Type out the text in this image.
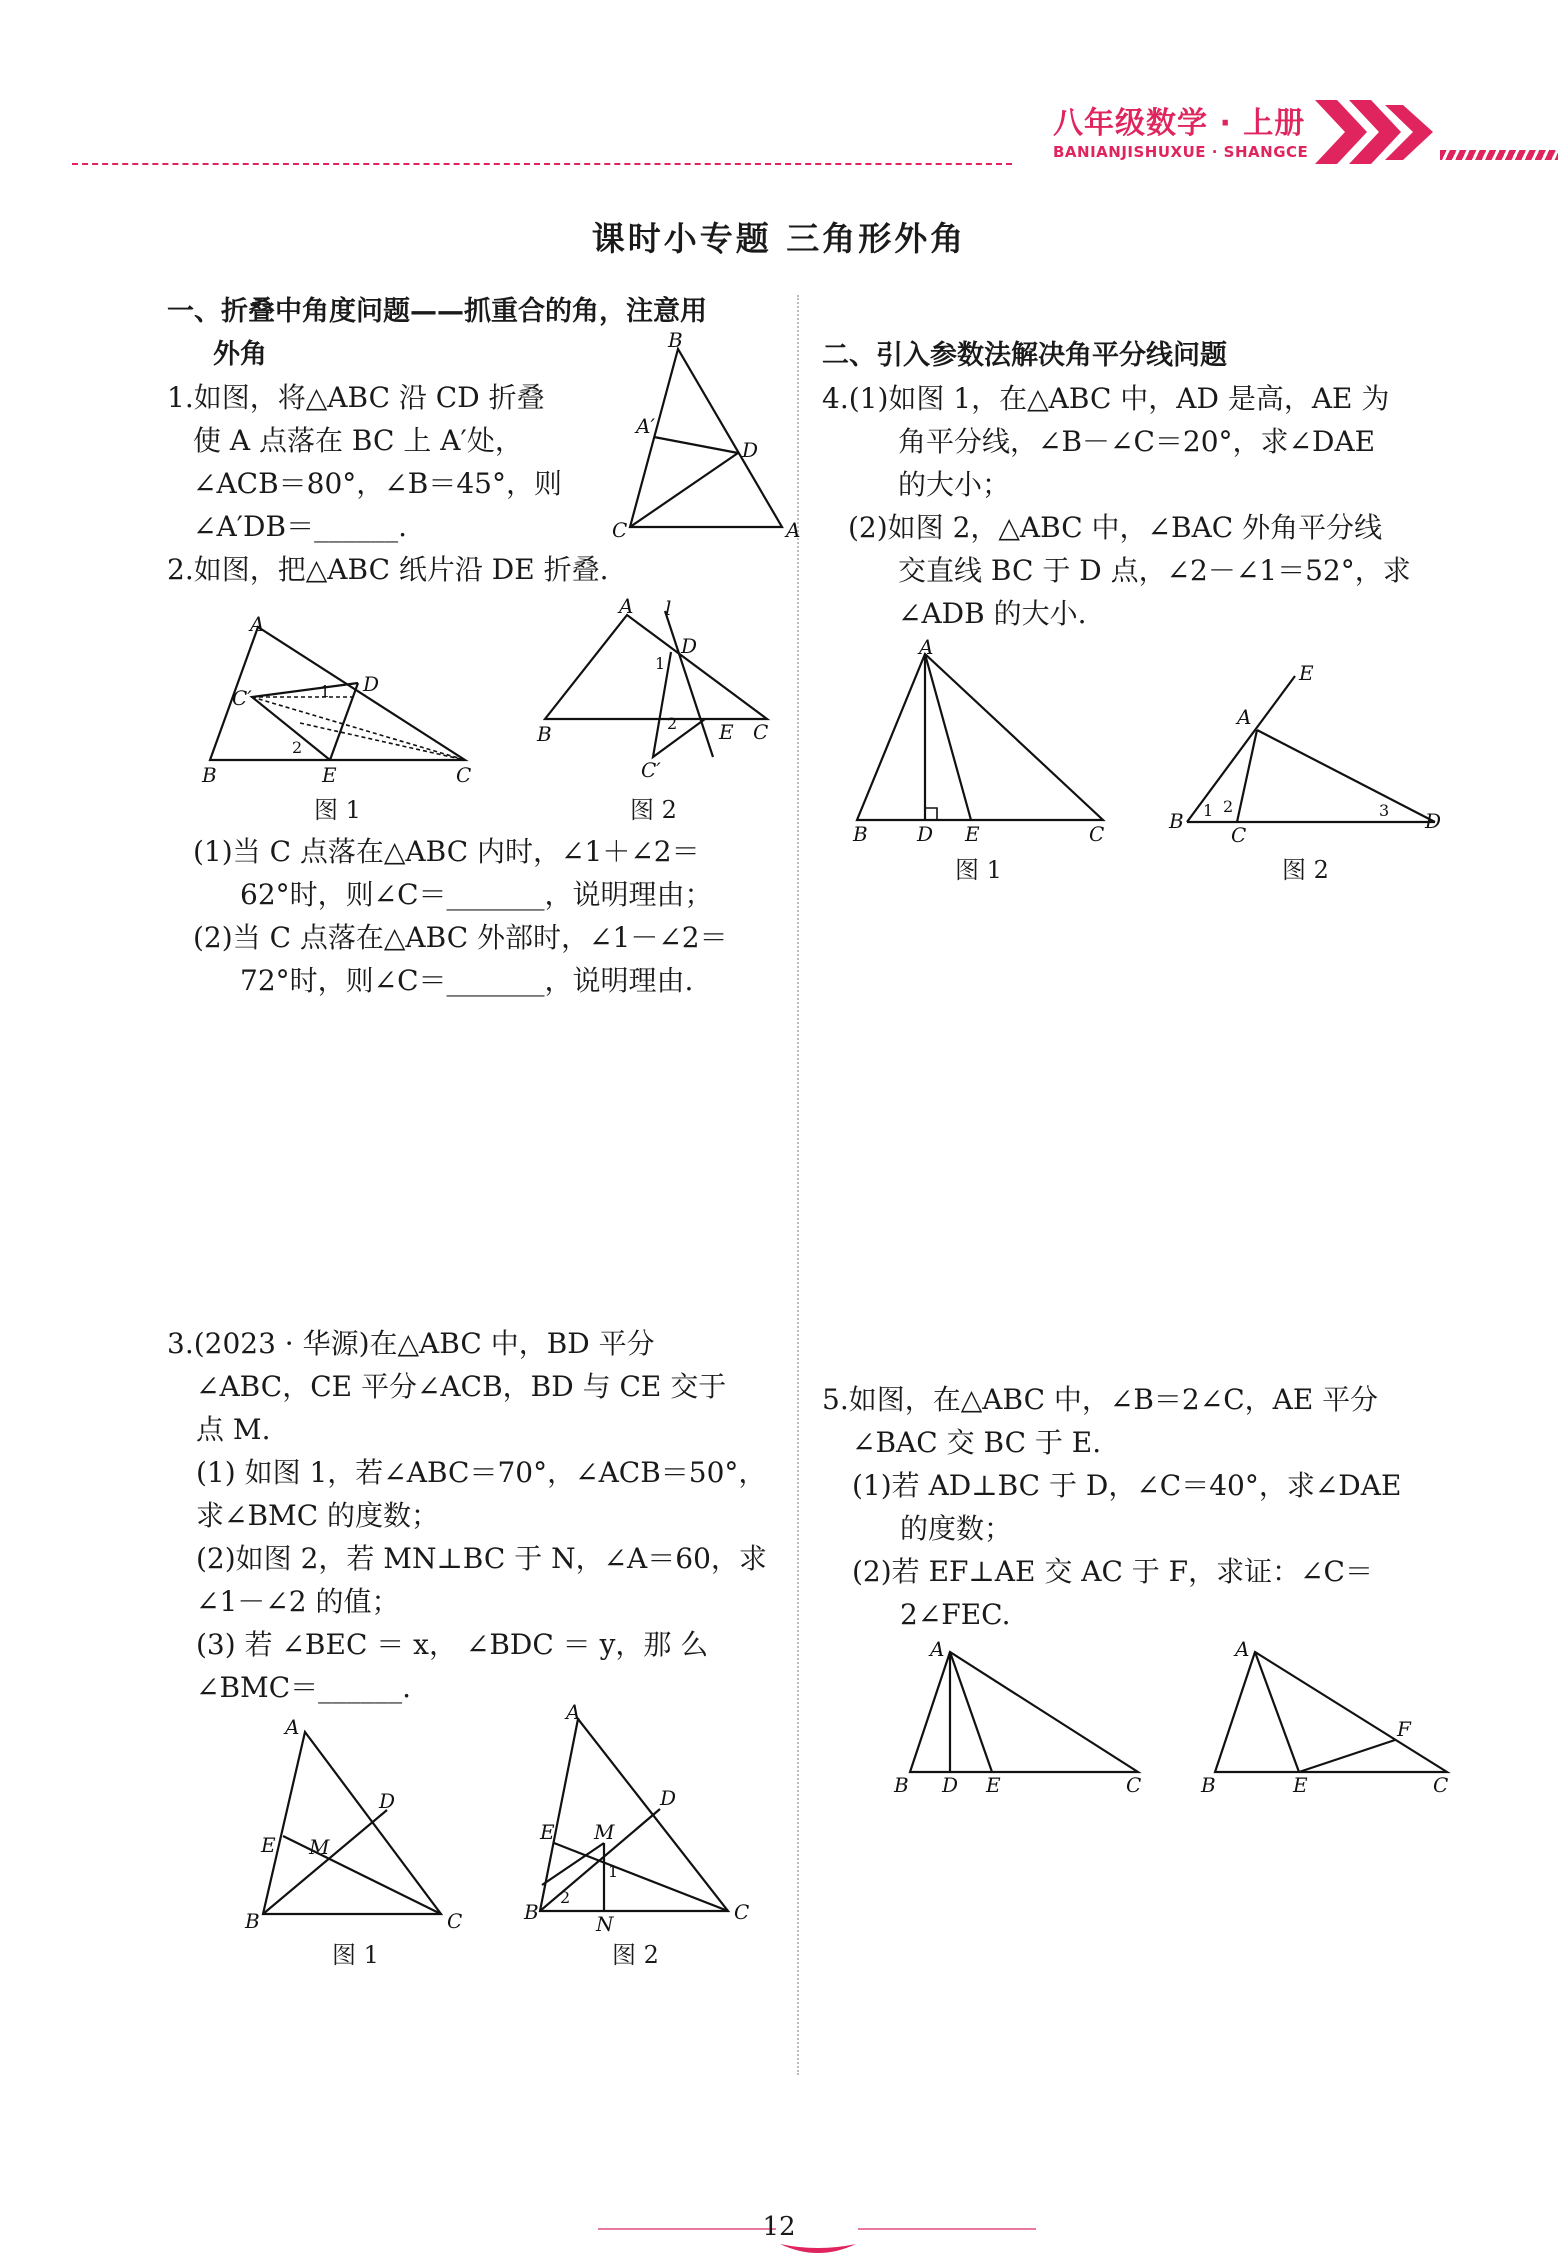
八年级数学 · 上册
BANIANJISHUXUE · SHANGCE
课时小专题 三角形外角
一、折叠中角度问题——抓重合的角，注意用
外角
1.如图，将△ABC 沿 CD 折叠
使 A 点落在 BC 上 A′处，
∠ACB＝80°，∠B＝45°，则
∠A′DB＝______.
B
A′
D
C	A
2.如图，把△ABC 纸片沿 DE 折叠.
A
C′	1 D
2
B	E	C
图 1
A l
D
1
2
B	E C
C′
图 2
(1)当 C 点落在△ABC 内时，∠1＋∠2＝
62°时，则∠C＝_______，说明理由；
(2)当 C 点落在△ABC 外部时，∠1－∠2＝
72°时，则∠C＝_______，说明理由.
3.(2023 · 华源)在△ABC 中，BD 平分
∠ABC，CE 平分∠ACB，BD 与 CE 交于
点 M.
(1) 如图 1，若∠ABC＝70°，∠ACB＝50°，
求∠BMC 的度数；
(2)如图 2，若 MN⊥BC 于 N，∠A＝60，求
∠1－∠2 的值；
(3) 若 ∠BEC ＝ x， ∠BDC ＝ y，那 么
∠BMC＝______.
A
D
E M
B	C
图 1
A
D
E M
1
2
B	N	C
图 2
二、引入参数法解决角平分线问题
4.(1)如图 1，在△ABC 中，AD 是高，AE 为
角平分线，∠B－∠C＝20°，求∠DAE
的大小；
(2)如图 2，△ABC 中，∠BAC 外角平分线
交直线 BC 于 D 点，∠2－∠1＝52°，求
∠ADB 的大小.
A
B D E	C
图 1
E
A
B 1 2
C
3 D
图 2
5.如图，在△ABC 中，∠B＝2∠C，AE 平分
∠BAC 交 BC 于 E.
(1)若 AD⊥BC 于 D，∠C＝40°，求∠DAE
的度数；
(2)若 EF⊥AE 交 AC 于 F，求证：∠C＝
2∠FEC.
A
B D E	C
A
F
B	E	C
12
